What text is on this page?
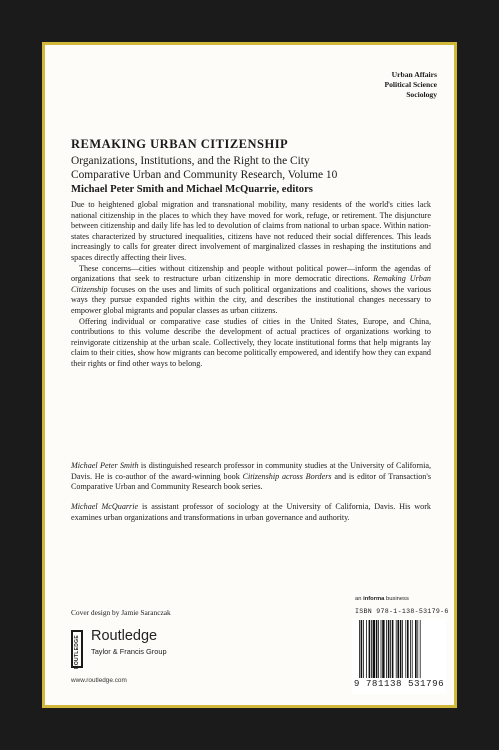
Urban Affairs
Political Science
Sociology
REMAKING URBAN CITIZENSHIP
Organizations, Institutions, and the Right to the City
Comparative Urban and Community Research, Volume 10
Michael Peter Smith and Michael McQuarrie, editors

Due to heightened global migration and transnational mobility, many residents of the world's cities lack national citizenship in the places to which they have moved for work, refuge, or retirement. The disjuncture between citizenship and daily life has led to devolution of claims from national to urban space. Within nation-states characterized by structured inequalities, citizens have not reduced their social differences. This leads increasingly to calls for greater direct involvement of marginalized classes in reshaping the institutions and spaces directly affecting their lives.

These concerns—cities without citizenship and people without political power—inform the agendas of organizations that seek to restructure urban citizenship in more democratic directions. Remaking Urban Citizenship focuses on the uses and limits of such political organizations and coalitions, shows the various ways they pursue expanded rights within the city, and describes the institutional changes necessary to empower global migrants and popular classes as urban citizens.

Offering individual or comparative case studies of cities in the United States, Europe, and China, contributions to this volume describe the development of actual practices of organizations working to reinvigorate citizenship at the urban scale. Collectively, they locate institutional forms that help migrants lay claim to their cities, show how migrants can become politically empowered, and identify how they can expand their rights or find other ways to belong.

Michael Peter Smith is distinguished research professor in community studies at the University of California, Davis. He is co-author of the award-winning book Citizenship across Borders and is editor of Transaction's Comparative Urban and Community Research book series.

Michael McQuarrie is assistant professor of sociology at the University of California, Davis. His work examines urban organizations and transformations in urban governance and authority.

Cover design by Jamie Saranczak
ROUTLEDGE Routledge
Taylor & Francis Group
www.routledge.com
an informa business
ISBN 978-1-138-53179-6
9 781138 531796
